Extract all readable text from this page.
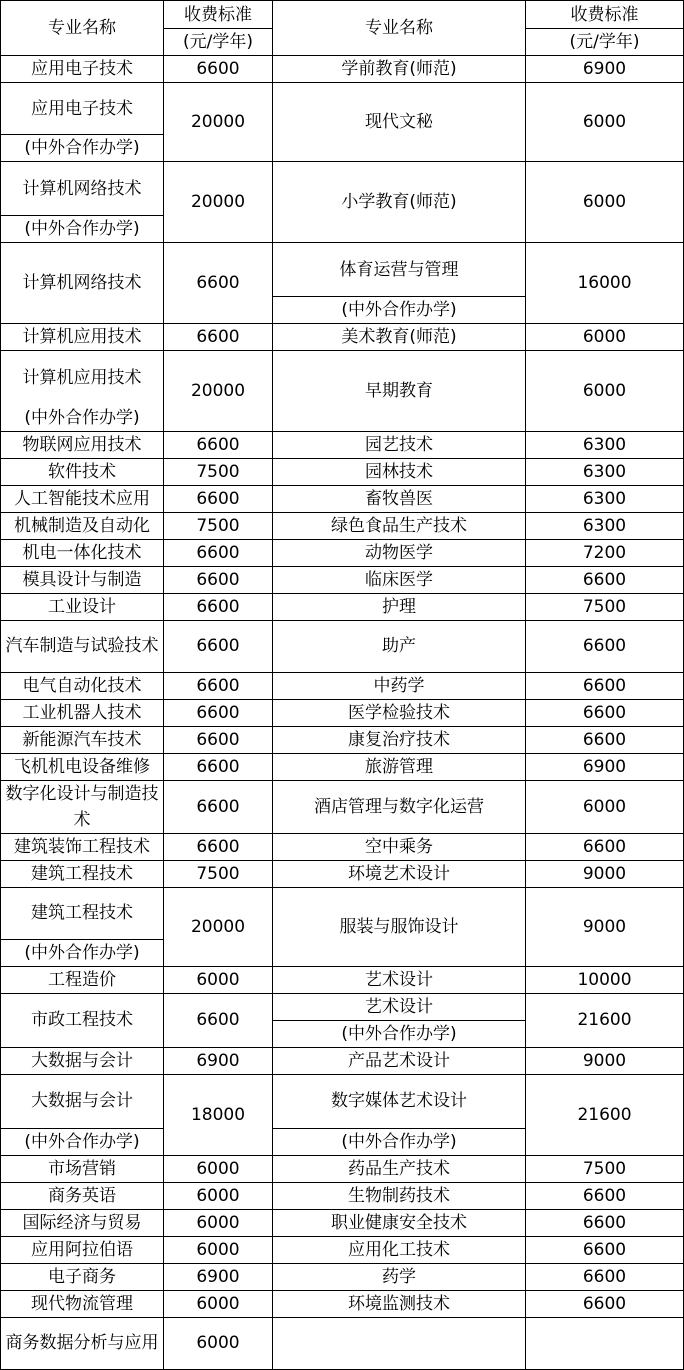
专业名称	收费标准	专业名称	收费标准
	(元/学年)		(元/学年)
应用电子技术	6600	学前教育(师范)	6900
应用电子技术	20000	现代文秘	6000
(中外合作办学)			
计算机网络技术	20000	小学教育(师范)	6000
(中外合作办学)			
计算机网络技术	6600	体育运营与管理	16000
		(中外合作办学)	
计算机应用技术	6600	美术教育(师范)	6000
计算机应用技术	20000	早期教育	6000
(中外合作办学)			
物联网应用技术	6600	园艺技术	6300
软件技术	7500	园林技术	6300
人工智能技术应用	6600	畜牧兽医	6300
机械制造及自动化	7500	绿色食品生产技术	6300
机电一体化技术	6600	动物医学	7200
模具设计与制造	6600	临床医学	6600
工业设计	6600	护理	7500
汽车制造与试验技术	6600	助产	6600
电气自动化技术	6600	中药学	6600
工业机器人技术	6600	医学检验技术	6600
新能源汽车技术	6600	康复治疗技术	6600
飞机机电设备维修	6600	旅游管理	6900
数字化设计与制造技术	6600	酒店管理与数字化运营	6000
建筑装饰工程技术	6600	空中乘务	6600
建筑工程技术	7500	环境艺术设计	9000
建筑工程技术	20000	服装与服饰设计	9000
(中外合作办学)			
工程造价	6000	艺术设计	10000
市政工程技术	6600	艺术设计	21600
		(中外合作办学)	
大数据与会计	6900	产品艺术设计	9000
大数据与会计	18000	数字媒体艺术设计	21600
(中外合作办学)		(中外合作办学)	
市场营销	6000	药品生产技术	7500
商务英语	6000	生物制药技术	6600
国际经济与贸易	6000	职业健康安全技术	6600
应用阿拉伯语	6000	应用化工技术	6600
电子商务	6900	药学	6600
现代物流管理	6000	环境监测技术	6600
商务数据分析与应用	6000		
